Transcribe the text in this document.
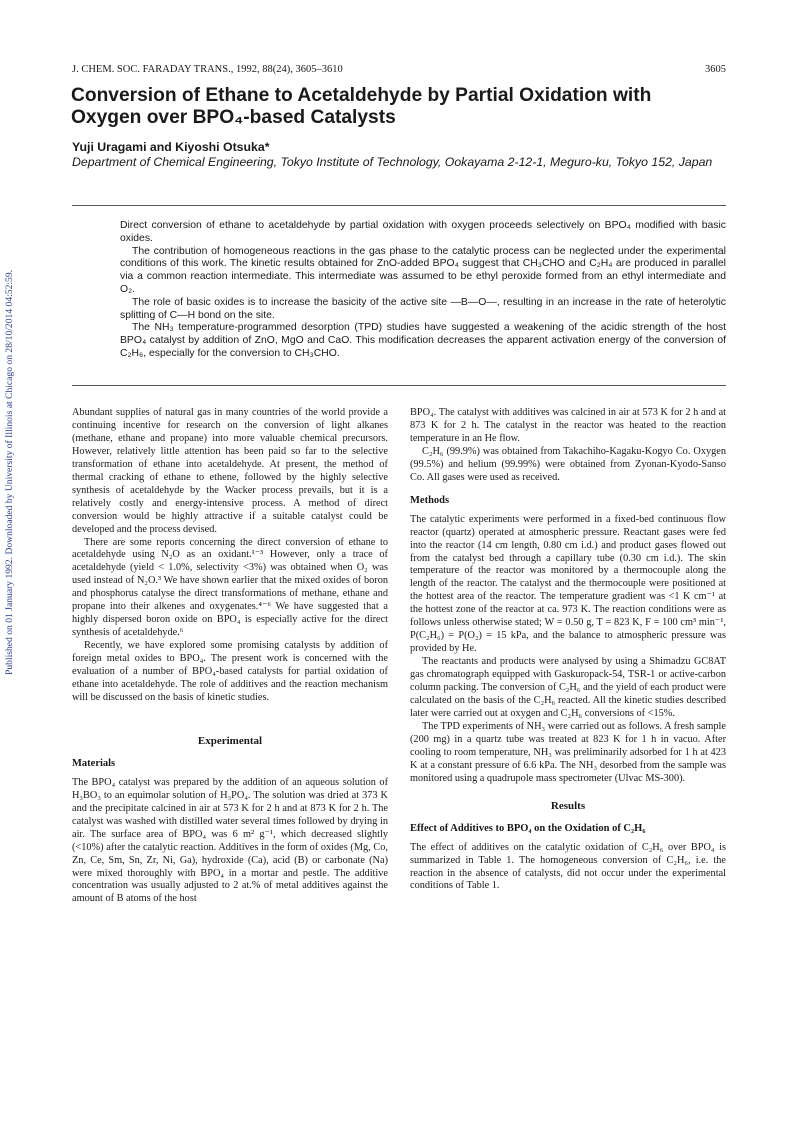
Published on 01 January 1992. Downloaded by University of Illinois at Chicago on 28/10/2014 04:52:59.
J. CHEM. SOC. FARADAY TRANS., 1992, 88(24), 3605–3610	3605
Conversion of Ethane to Acetaldehyde by Partial Oxidation with Oxygen over BPO₄-based Catalysts
Yuji Uragami and Kiyoshi Otsuka*
Department of Chemical Engineering, Tokyo Institute of Technology, Ookayama 2-12-1, Meguro-ku, Tokyo 152, Japan

Direct conversion of ethane to acetaldehyde by partial oxidation with oxygen proceeds selectively on BPO₄ modified with basic oxides.

The contribution of homogeneous reactions in the gas phase to the catalytic process can be neglected under the experimental conditions of this work. The kinetic results obtained for ZnO-added BPO₄ suggest that CH₃CHO and C₂H₄ are produced in parallel via a common reaction intermediate. This intermediate was assumed to be ethyl peroxide formed from an ethyl intermediate and O₂.

The role of basic oxides is to increase the basicity of the active site —B—O—, resulting in an increase in the rate of heterolytic splitting of C—H bond on the site.

The NH₃ temperature-programmed desorption (TPD) studies have suggested a weakening of the acidic strength of the host BPO₄ catalyst by addition of ZnO, MgO and CaO. This modification decreases the apparent activation energy of the conversion of C₂H₆, especially for the conversion to CH₃CHO.

Abundant supplies of natural gas in many countries of the world provide a continuing incentive for research on the conversion of light alkanes (methane, ethane and propane) into more valuable chemical precursors. However, relatively little attention has been paid so far to the selective transformation of ethane into acetaldehyde. At present, the method of thermal cracking of ethane to ethene, followed by the highly selective synthesis of acetaldehyde by the Wacker process prevails, but it is a relatively costly and energy-intensive process. A method of direct conversion would be highly attractive if a suitable catalyst could be developed and the process devised.

There are some reports concerning the direct conversion of ethane to acetaldehyde using N₂O as an oxidant.¹⁻³ However, only a trace of acetaldehyde (yield < 1.0%, selectivity <3%) was obtained when O₂ was used instead of N₂O.³ We have shown earlier that the mixed oxides of boron and phosphorus catalyse the direct transformations of methane, ethane and propane into their alkenes and oxygenates.⁴⁻⁶ We have suggested that a highly dispersed boron oxide on BPO₄ is especially active for the direct synthesis of acetaldehyde.⁶

Recently, we have explored some promising catalysts by addition of foreign metal oxides to BPO₄. The present work is concerned with the evaluation of a number of BPO₄-based catalysts for partial oxidation of ethane into acetaldehyde. The role of additives and the reaction mechanism will be discussed on the basis of kinetic studies.

Experimental
Materials

The BPO₄ catalyst was prepared by the addition of an aqueous solution of H₃BO₃ to an equimolar solution of H₃PO₄. The solution was dried at 373 K and the precipitate calcined in air at 573 K for 2 h and at 873 K for 2 h. The catalyst was washed with distilled water several times followed by drying in air. The surface area of BPO₄ was 6 m² g⁻¹, which decreased slightly (<10%) after the catalytic reaction. Additives in the form of oxides (Mg, Co, Zn, Ce, Sm, Sn, Zr, Ni, Ga), hydroxide (Ca), acid (B) or carbonate (Na) were mixed thoroughly with BPO₄ in a mortar and pestle. The additive concentration was usually adjusted to 2 at.% of metal additives against the amount of B atoms of the host

BPO₄. The catalyst with additives was calcined in air at 573 K for 2 h and at 873 K for 2 h. The catalyst in the reactor was heated to the reaction temperature in an He flow.

C₂H₆ (99.9%) was obtained from Takachiho-Kagaku-Kogyo Co. Oxygen (99.5%) and helium (99.99%) were obtained from Zyonan-Kyodo-Sanso Co. All gases were used as received.

Methods

The catalytic experiments were performed in a fixed-bed continuous flow reactor (quartz) operated at atmospheric pressure. Reactant gases were fed into the reactor (14 cm length, 0.80 cm i.d.) and product gases flowed out from the catalyst bed through a capillary tube (0.30 cm i.d.). The skin temperature of the reactor was monitored by a thermocouple along the length of the reactor. The catalyst and the thermocouple were positioned at the hottest area of the reactor. The temperature gradient was <1 K cm⁻¹ at the hottest zone of the reactor at ca. 973 K. The reaction conditions were as follows unless otherwise stated; W = 0.50 g, T = 823 K, F = 100 cm³ min⁻¹, P(C₂H₆) = P(O₂) = 15 kPa, and the balance to atmospheric pressure was provided by He.

The reactants and products were analysed by using a Shimadzu GC8AT gas chromatograph equipped with Gaskuropack-54, TSR-1 or active-carbon column packing. The conversion of C₂H₆ and the yield of each product were calculated on the basis of the C₂H₆ reacted. All the kinetic studies described later were carried out at oxygen and C₂H₆ conversions of <15%.

The TPD experiments of NH₃ were carried out as follows. A fresh sample (200 mg) in a quartz tube was treated at 823 K for 1 h in vacuo. After cooling to room temperature, NH₃ was preliminarily adsorbed for 1 h at 423 K at a constant pressure of 6.6 kPa. The NH₃ desorbed from the sample was monitored using a quadrupole mass spectrometer (Ulvac MS-300).

Results
Effect of Additives to BPO₄ on the Oxidation of C₂H₆

The effect of additives on the catalytic oxidation of C₂H₆ over BPO₄ is summarized in Table 1. The homogeneous conversion of C₂H₆, i.e. the reaction in the absence of catalysts, did not occur under the experimental conditions of Table 1.
